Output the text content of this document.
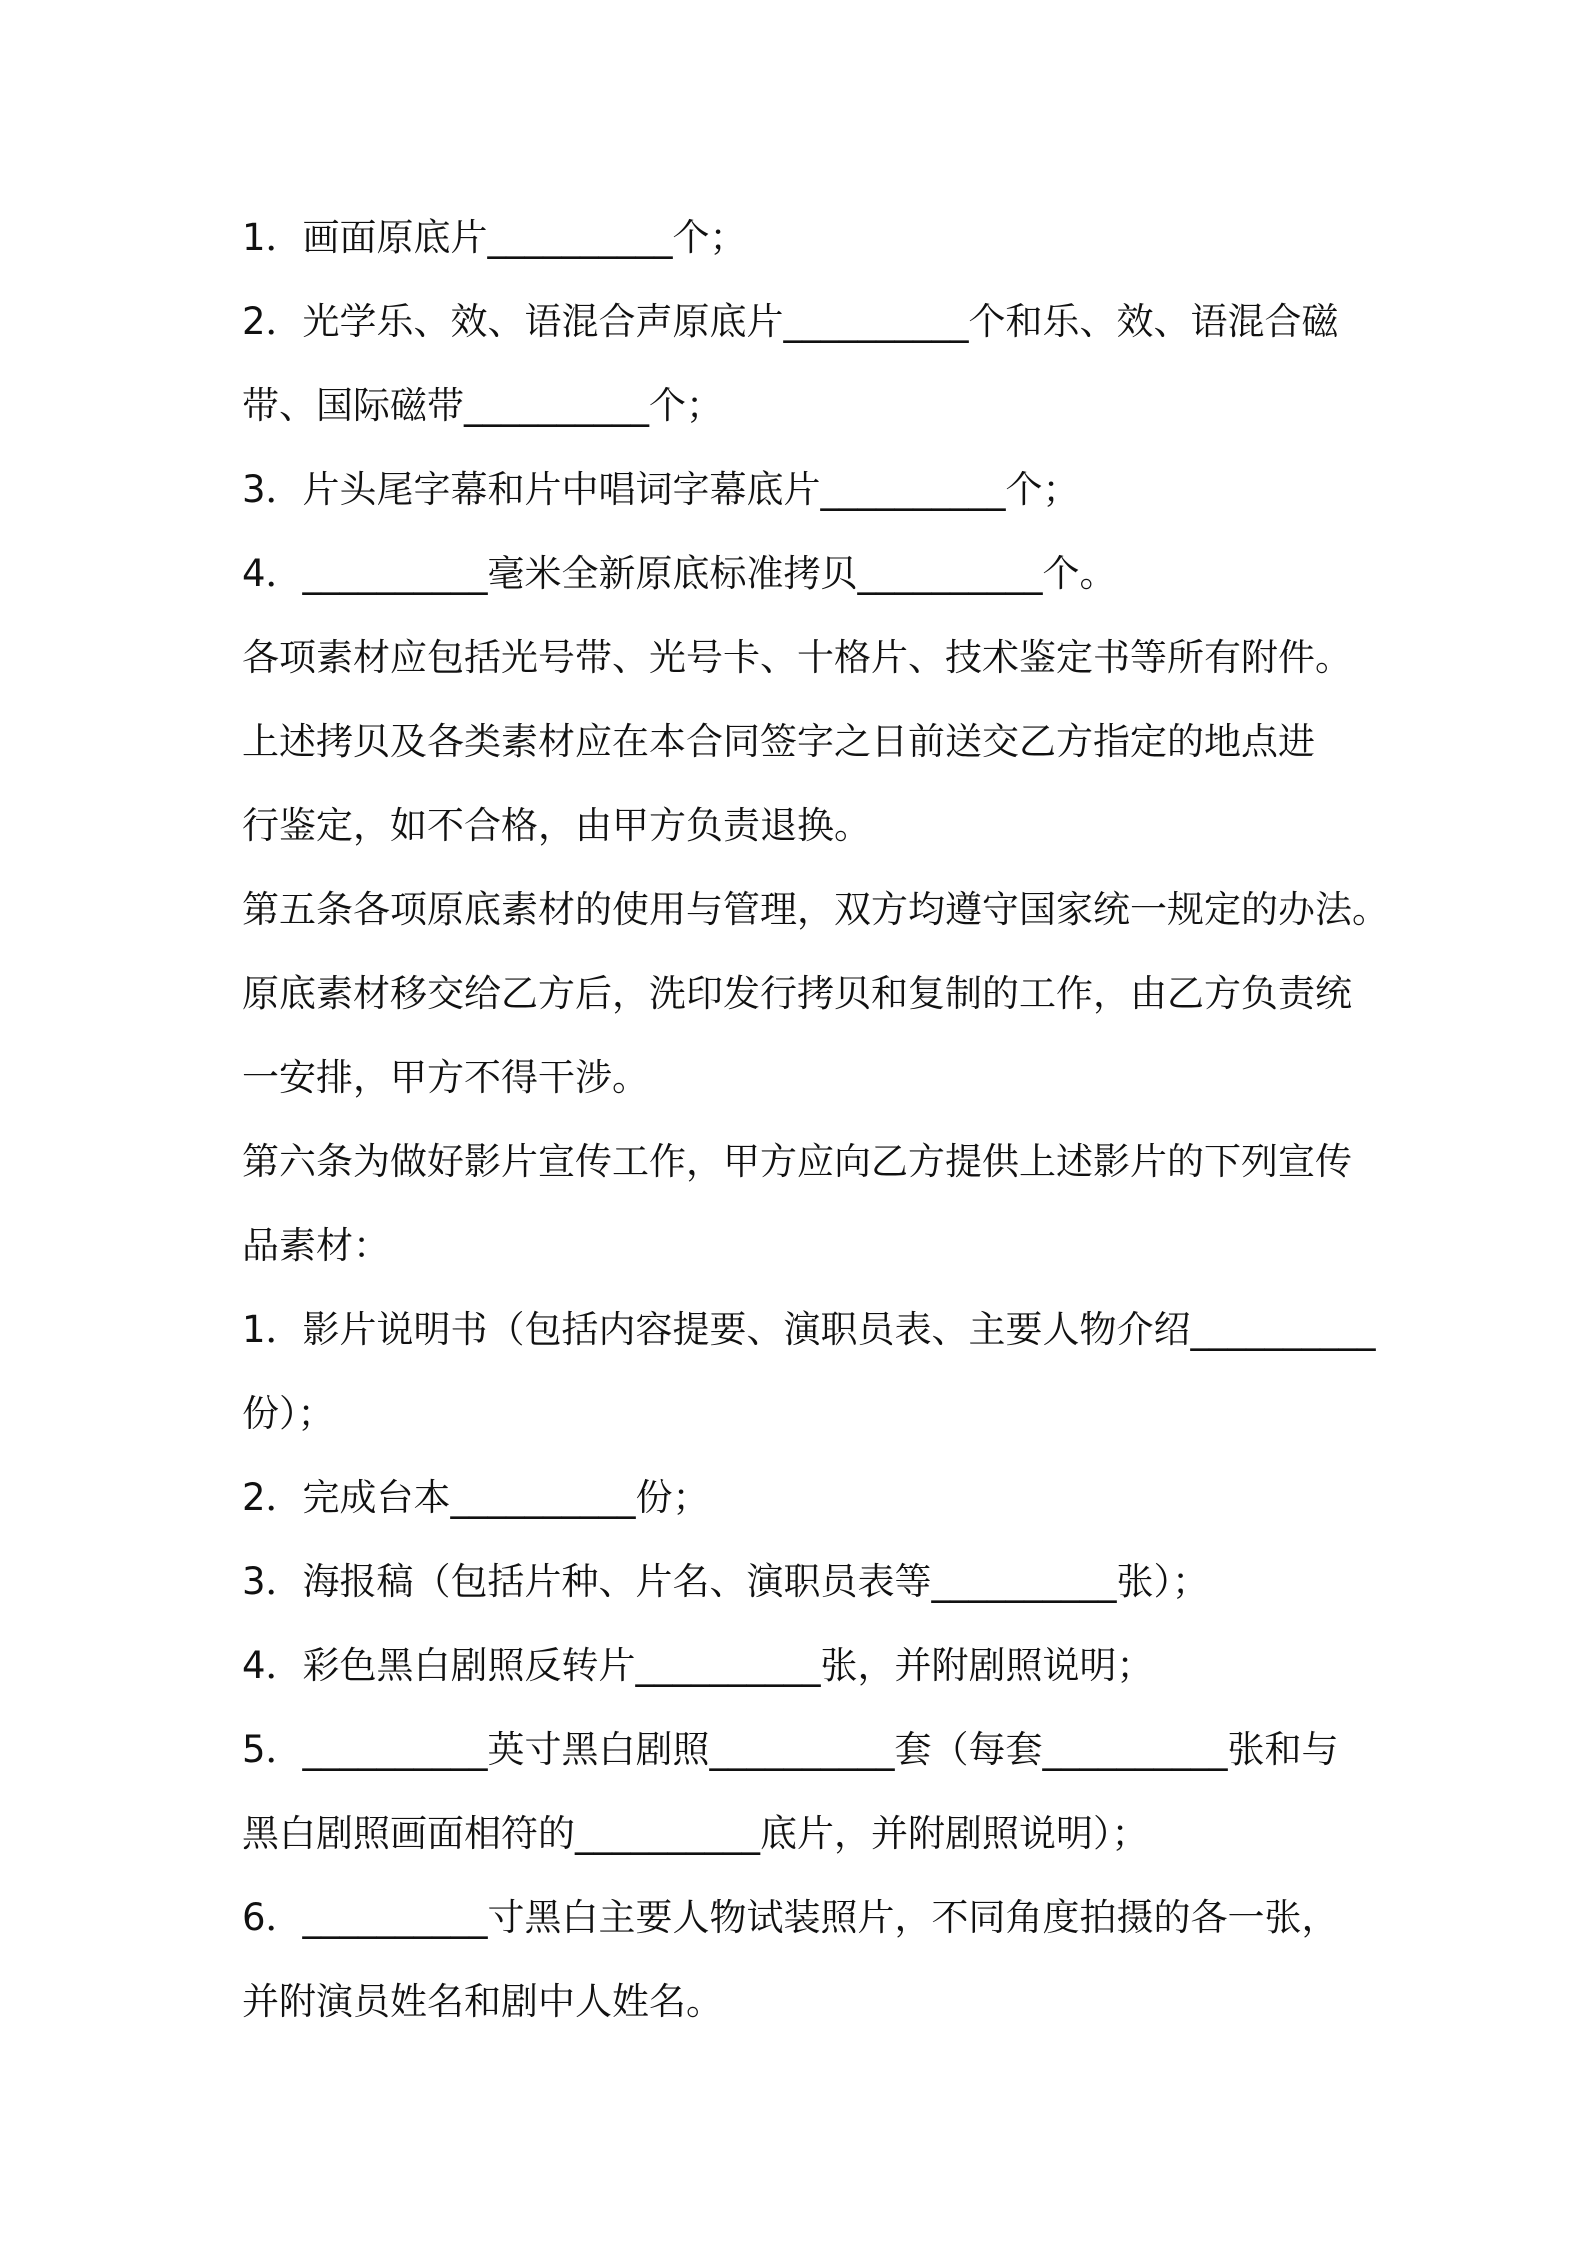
1．画面原底片__________个；
2．光学乐、效、语混合声原底片__________个和乐、效、语混合磁
带、国际磁带__________个；
3．片头尾字幕和片中唱词字幕底片__________个；
4．__________毫米全新原底标准拷贝__________个。
各项素材应包括光号带、光号卡、十格片、技术鉴定书等所有附件。
上述拷贝及各类素材应在本合同签字之日前送交乙方指定的地点进
行鉴定，如不合格，由甲方负责退换。
第五条各项原底素材的使用与管理，双方均遵守国家统一规定的办法。
原底素材移交给乙方后，洗印发行拷贝和复制的工作，由乙方负责统
一安排，甲方不得干涉。
第六条为做好影片宣传工作，甲方应向乙方提供上述影片的下列宣传
品素材：
1．影片说明书（包括内容提要、演职员表、主要人物介绍__________
份）；
2．完成台本__________份；
3．海报稿（包括片种、片名、演职员表等__________张）；
4．彩色黑白剧照反转片__________张，并附剧照说明；
5．__________英寸黑白剧照__________套（每套__________张和与
黑白剧照画面相符的__________底片，并附剧照说明）；
6．__________寸黑白主要人物试装照片，不同角度拍摄的各一张，
并附演员姓名和剧中人姓名。
